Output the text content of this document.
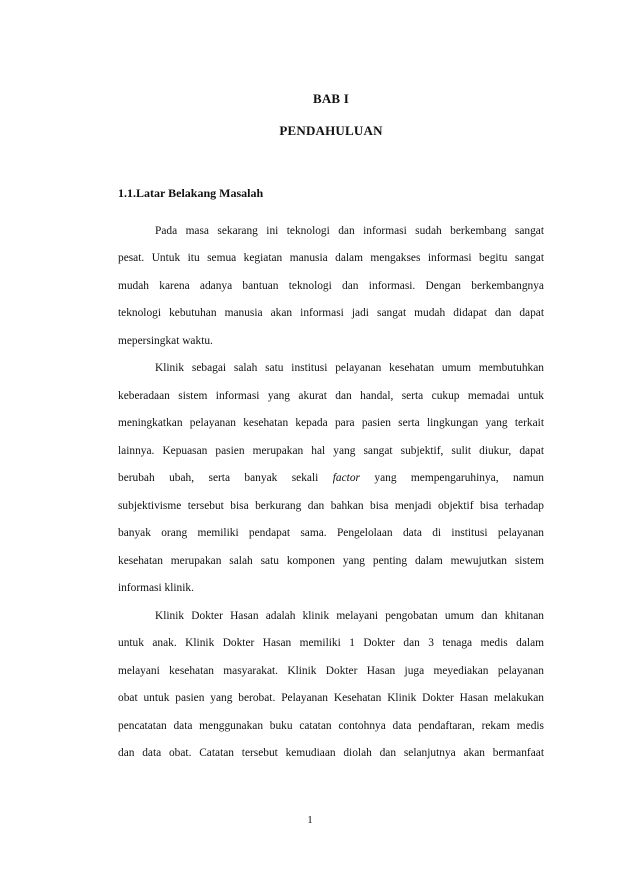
BAB I
PENDAHULUAN
1.1.Latar Belakang Masalah
Pada masa sekarang ini teknologi dan informasi sudah berkembang sangat
pesat. Untuk itu semua kegiatan manusia dalam mengakses informasi begitu sangat
mudah karena adanya bantuan teknologi dan informasi. Dengan berkembangnya
teknologi kebutuhan manusia akan informasi jadi sangat mudah didapat dan dapat
mepersingkat waktu.
Klinik sebagai salah satu institusi pelayanan kesehatan umum membutuhkan
keberadaan sistem informasi yang akurat dan handal, serta cukup memadai untuk
meningkatkan pelayanan kesehatan kepada para pasien serta lingkungan yang terkait
lainnya. Kepuasan pasien merupakan hal yang sangat subjektif, sulit diukur, dapat
berubah ubah, serta banyak sekali factor yang mempengaruhinya, namun
subjektivisme tersebut bisa berkurang dan bahkan bisa menjadi objektif bisa terhadap
banyak orang memiliki pendapat sama. Pengelolaan data di institusi pelayanan
kesehatan merupakan salah satu komponen yang penting dalam mewujutkan sistem
informasi klinik.
Klinik Dokter Hasan adalah klinik melayani pengobatan umum dan khitanan
untuk anak. Klinik Dokter Hasan memiliki 1 Dokter dan 3 tenaga medis dalam
melayani kesehatan masyarakat. Klinik Dokter Hasan juga meyediakan pelayanan
obat untuk pasien yang berobat. Pelayanan Kesehatan Klinik Dokter Hasan melakukan
pencatatan data menggunakan buku catatan contohnya data pendaftaran, rekam medis
dan data obat. Catatan tersebut kemudiaan diolah dan selanjutnya akan bermanfaat
1
